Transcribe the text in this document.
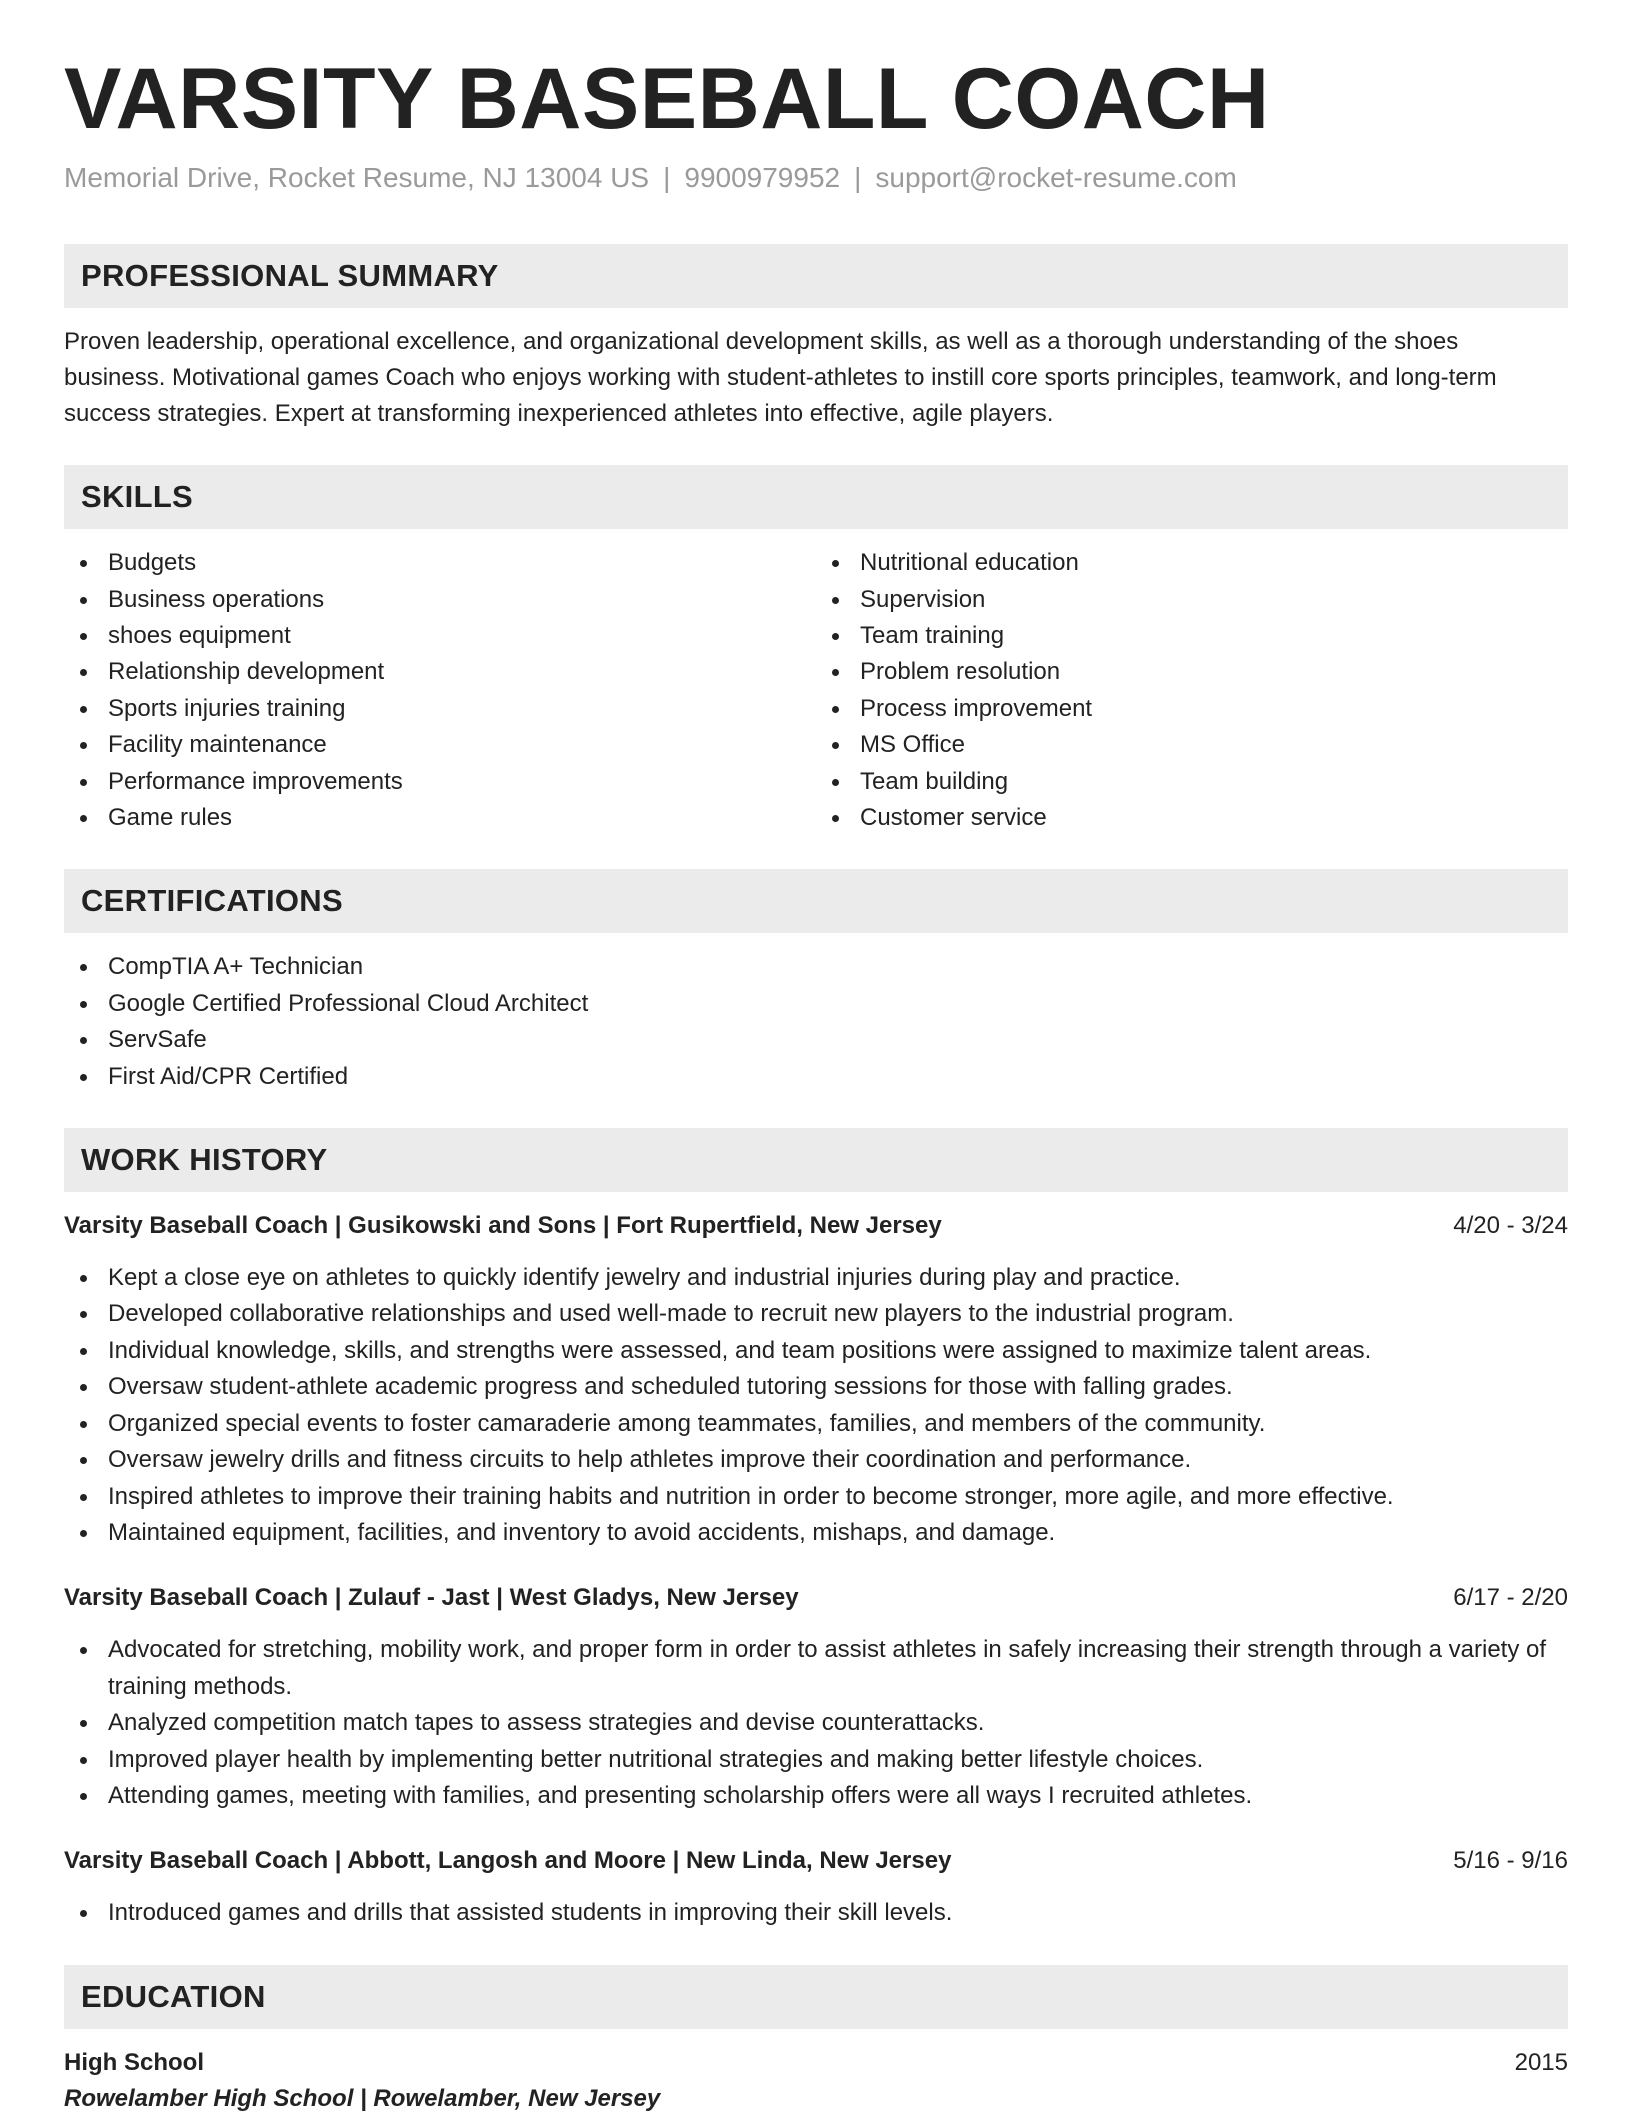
VARSITY BASEBALL COACH
Memorial Drive, Rocket Resume, NJ 13004 US | 9900979952 | support@rocket-resume.com
PROFESSIONAL SUMMARY

Proven leadership, operational excellence, and organizational development skills, as well as a thorough understanding of the shoes business. Motivational games Coach who enjoys working with student-athletes to instill core sports principles, teamwork, and long-term success strategies. Expert at transforming inexperienced athletes into effective, agile players.

SKILLS
Budgets
Business operations
shoes equipment
Relationship development
Sports injuries training
Facility maintenance
Performance improvements
Game rules
Nutritional education
Supervision
Team training
Problem resolution
Process improvement
MS Office
Team building
Customer service
CERTIFICATIONS
CompTIA A+ Technician
Google Certified Professional Cloud Architect
ServSafe
First Aid/CPR Certified
WORK HISTORY
Varsity Baseball Coach | Gusikowski and Sons | Fort Rupertfield, New Jersey	4/20 - 3/24
Kept a close eye on athletes to quickly identify jewelry and industrial injuries during play and practice.
Developed collaborative relationships and used well-made to recruit new players to the industrial program.
Individual knowledge, skills, and strengths were assessed, and team positions were assigned to maximize talent areas.
Oversaw student-athlete academic progress and scheduled tutoring sessions for those with falling grades.
Organized special events to foster camaraderie among teammates, families, and members of the community.
Oversaw jewelry drills and fitness circuits to help athletes improve their coordination and performance.
Inspired athletes to improve their training habits and nutrition in order to become stronger, more agile, and more effective.
Maintained equipment, facilities, and inventory to avoid accidents, mishaps, and damage.
Varsity Baseball Coach | Zulauf - Jast | West Gladys, New Jersey	6/17 - 2/20
Advocated for stretching, mobility work, and proper form in order to assist athletes in safely increasing their strength through a variety of training methods.
Analyzed competition match tapes to assess strategies and devise counterattacks.
Improved player health by implementing better nutritional strategies and making better lifestyle choices.
Attending games, meeting with families, and presenting scholarship offers were all ways I recruited athletes.
Varsity Baseball Coach | Abbott, Langosh and Moore | New Linda, New Jersey	5/16 - 9/16
Introduced games and drills that assisted students in improving their skill levels.
EDUCATION
High School	2015
Rowelamber High School | Rowelamber, New Jersey
